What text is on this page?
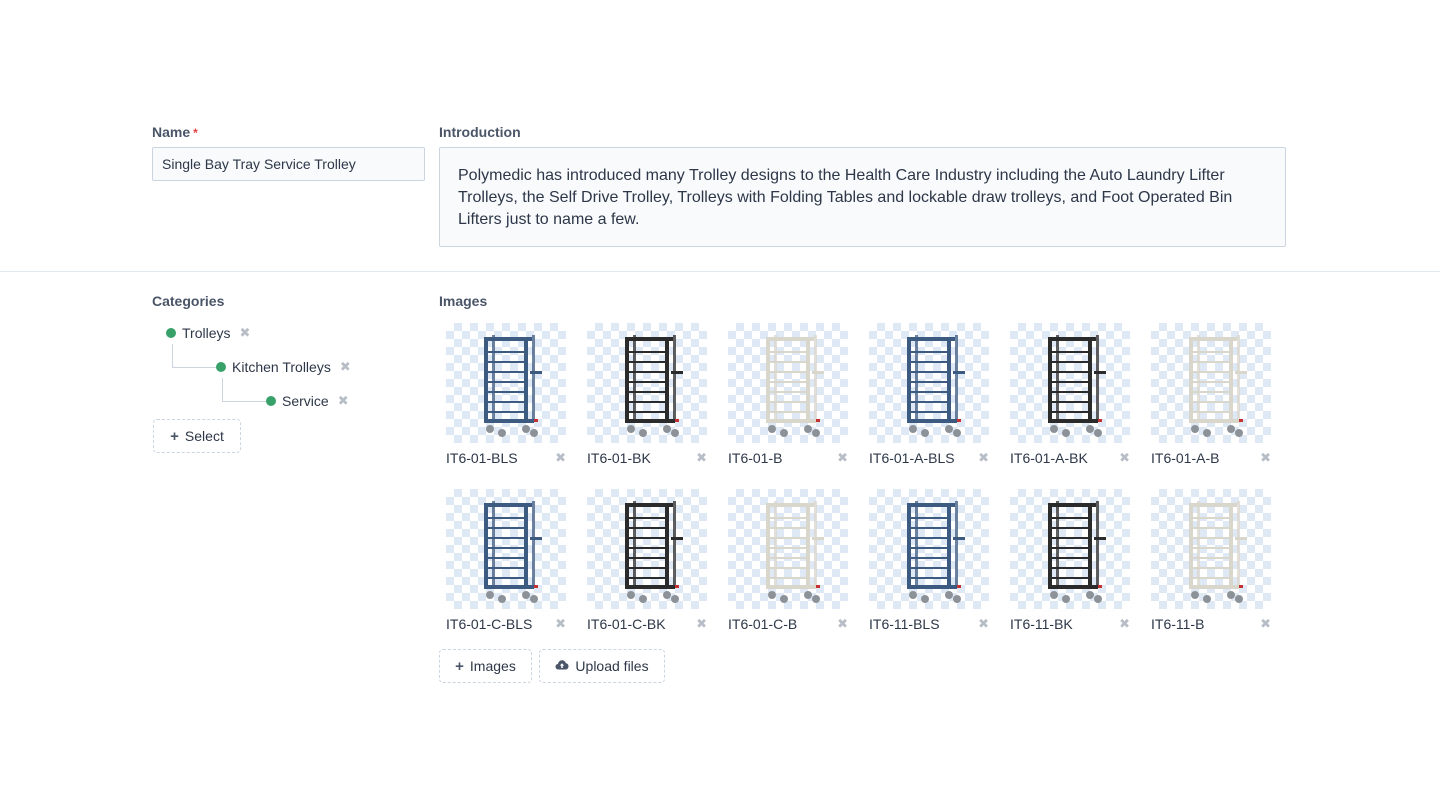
Name *
Single Bay Tray Service Trolley	Introduction
Polymedic has introduced many Trolley designs to the Health Care Industry including the Auto Laundry Lifter Trolleys, the Self Drive Trolley, Trolleys with Folding Tables and lockable draw trolleys, and Foot Operated Bin Lifters just to name a few.
Categories
Trolleys ✖
Kitchen Trolleys ✖
Service ✖
+ Select
Images
IT6-01-BLS	✖ IT6-01-BK	✖ IT6-01-B	✖ IT6-01-A-BLS ✖ IT6-01-A-BK ✖ IT6-01-A-B	✖
IT6-01-C-BLS ✖ IT6-01-C-BK ✖ IT6-01-C-B	✖ IT6-11-BLS	✖ IT6-11-BK	✖ IT6-11-B	✖
+ Images	Upload files
